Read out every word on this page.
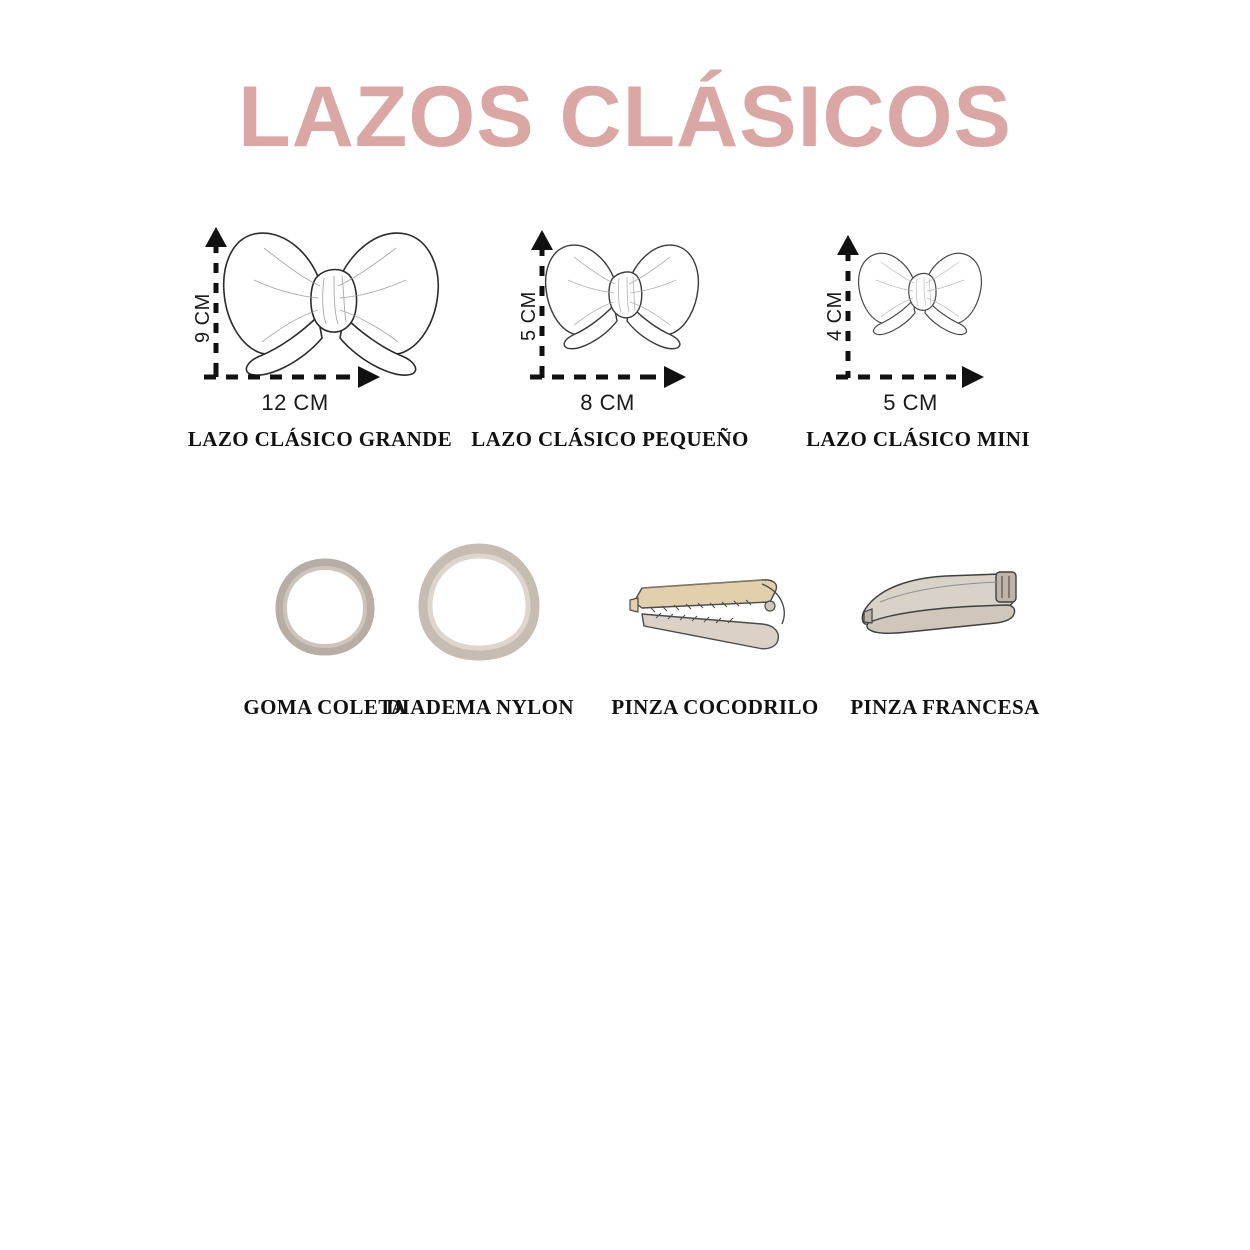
LAZOS CLÁSICOS
9 CM
12 CM
LAZO CLÁSICO GRANDE
5 CM
8 CM
LAZO CLÁSICO PEQUEÑO
4 CM
5 CM
LAZO CLÁSICO MINI
GOMA COLETA
DIADEMA NYLON	PINZA COCODRILO	PINZA FRANCESA
